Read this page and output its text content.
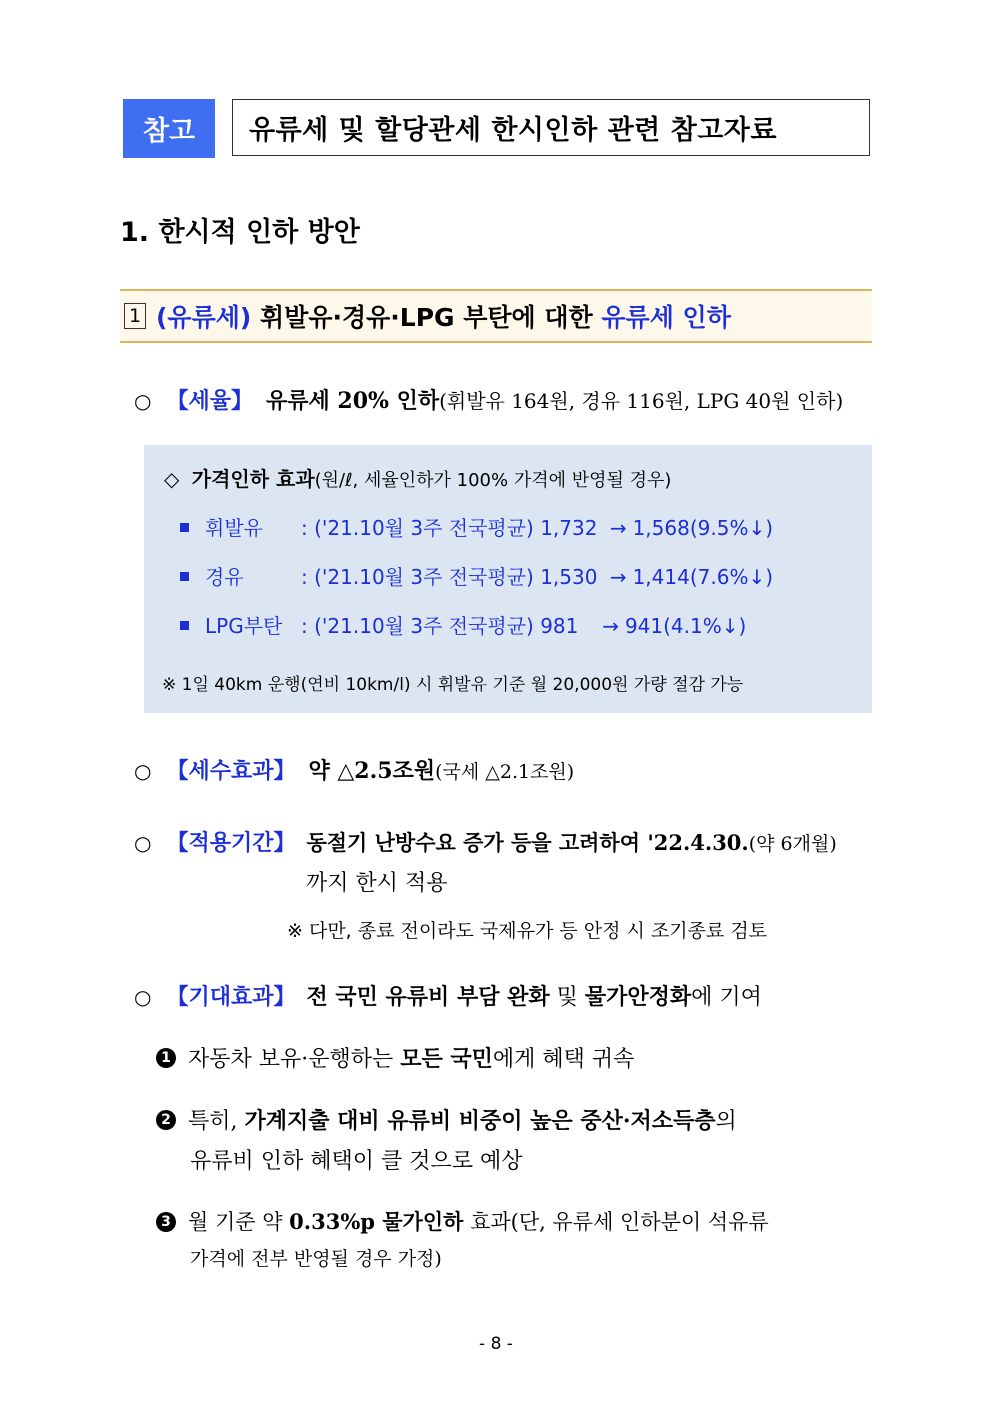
참고	유류세 및 할당관세 한시인하 관련 참고자료
1. 한시적 인하 방안
1 (유류세) 휘발유·경유·LPG 부탄에 대한 유류세 인하
○ 【세율】 유류세 20% 인하(휘발유 164원, 경유 116원, LPG 40원 인하)
◇ 가격인하 효과(원/ℓ, 세율인하가 100% 가격에 반영될 경우)
휘발유 : ('21.10월 3주 전국평균) 1,732 → 1,568(9.5%↓)
경유	: ('21.10월 3주 전국평균) 1,530 → 1,414(7.6%↓)
LPG부탄 : ('21.10월 3주 전국평균) 981 → 941(4.1%↓)
※ 1일 40km 운행(연비 10km/l) 시 휘발유 기준 월 20,000원 가량 절감 가능
○ 【세수효과】 약 △2.5조원(국세 △2.1조원)
○ 【적용기간】 동절기 난방수요 증가 등을 고려하여 '22.4.30.(약 6개월)
까지 한시 적용
※ 다만, 종료 전이라도 국제유가 등 안정 시 조기종료 검토
○ 【기대효과】 전 국민 유류비 부담 완화 및 물가안정화에 기여
1 자동차 보유·운행하는 모든 국민에게 혜택 귀속
2 특히, 가계지출 대비 유류비 비중이 높은 중산·저소득층의
유류비 인하 혜택이 클 것으로 예상
3 월 기준 약 0.33%p 물가인하 효과(단, 유류세 인하분이 석유류
가격에 전부 반영될 경우 가정)
- 8 -
